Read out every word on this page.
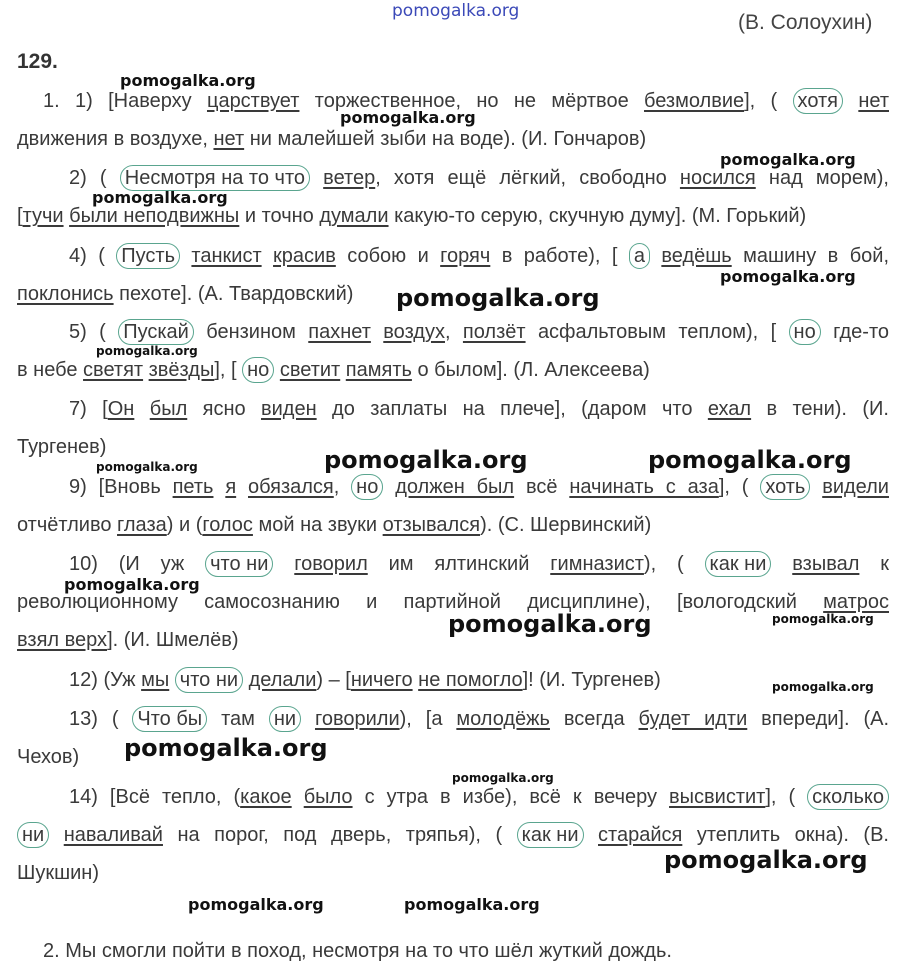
pomogalka.org
pomogalka.org
pomogalka.org
pomogalka.org
pomogalka.org
pomogalka.org
pomogalka.org
pomogalka.org
pomogalka.org	pomogalka.org	pomogalka.org
pomogalka.org
pomogalka.org	pomogalka.org
pomogalka.org
pomogalka.org
pomogalka.org
pomogalka.org
pomogalka.org	pomogalka.org
(В. Солоухин)
129.
1. 1) [Наверху царствует торжественное, но не мёртвое безмолвие], ( хотя нет
движения в воздухе, нет ни малейшей зыби на воде). (И. Гончаров)
2) ( Несмотря на то что ветер, хотя ещё лёгкий, свободно носился над морем),
[тучи были неподвижны и точно думали какую-то серую, скучную думу]. (М. Горький)
4) ( Пусть танкист красив собою и горяч в работе), [ а ведёшь машину в бой,
поклонись пехоте]. (А. Твардовский)
5) ( Пускай бензином пахнет воздух, ползёт асфальтовым теплом), [ но где-то
в небе светят звёзды], [ но светит память о былом]. (Л. Алексеева)
7) [Он был ясно виден до заплаты на плече], (даром что ехал в тени). (И.
Тургенев)
9) [Вновь петь я обязался, но должен был всё начинать с аза], ( хоть видели
отчётливо глаза) и (голос мой на звуки отзывался). (С. Шервинский)
10) (И уж что ни говорил им ялтинский гимназист), ( как ни взывал к
революционному самосознанию и партийной дисциплине), [вологодский матрос
взял верх]. (И. Шмелёв)
12) (Уж мы что ни делали) – [ничего не помогло]! (И. Тургенев)
13) ( Что бы там ни говорили), [а молодёжь всегда будет идти впереди]. (А.
Чехов)
14) [Всё тепло, (какое было с утра в избе), всё к вечеру высвистит], ( сколько
ни наваливай на порог, под дверь, тряпья), ( как ни старайся утеплить окна). (В.
Шукшин)
2. Мы смогли пойти в поход, несмотря на то что шёл жуткий дождь.
